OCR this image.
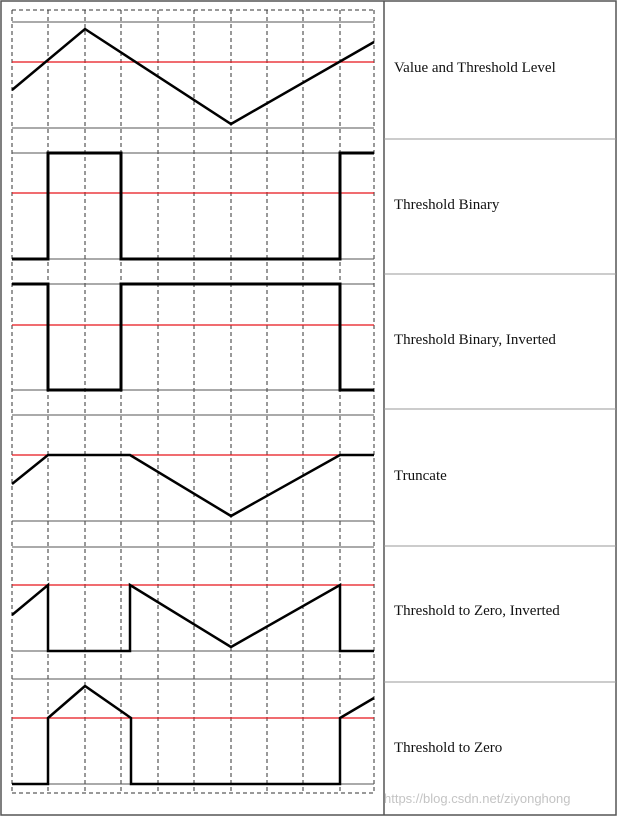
Value and Threshold Level
Threshold Binary
Threshold Binary, Inverted
Truncate
Threshold to Zero, Inverted
Threshold to Zero
https://blog.csdn.net/ziyonghong
